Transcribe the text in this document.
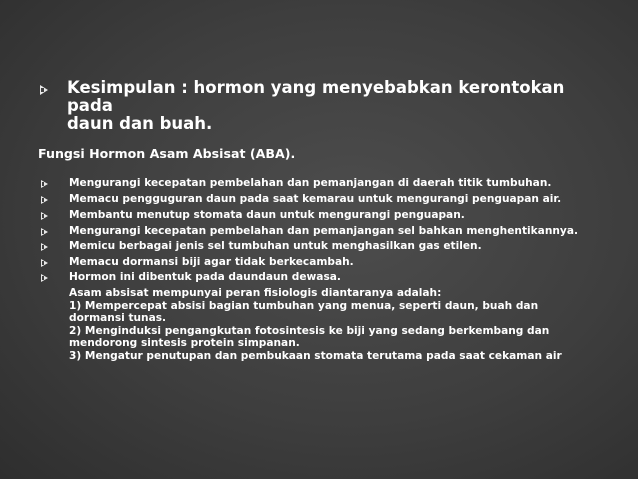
Kesimpulan : hormon yang menyebabkan kerontokan pada
daun dan buah.
Fungsi Hormon Asam Absisat (ABA).
Mengurangi kecepatan pembelahan dan pemanjangan di daerah titik tumbuhan.
Memacu pengguguran daun pada saat kemarau untuk mengurangi penguapan air.
Membantu menutup stomata daun untuk mengurangi penguapan.
Mengurangi kecepatan pembelahan dan pemanjangan sel bahkan menghentikannya.
Memicu berbagai jenis sel tumbuhan untuk menghasilkan gas etilen.
Memacu dormansi biji agar tidak berkecambah.
Hormon ini dibentuk pada daundaun dewasa.
Asam absisat mempunyai peran fisiologis diantaranya adalah:
1) Mempercepat absisi bagian tumbuhan yang menua, seperti daun, buah dan
dormansi tunas.
2) Menginduksi pengangkutan fotosintesis ke biji yang sedang berkembang dan
mendorong sintesis protein simpanan.
3) Mengatur penutupan dan pembukaan stomata terutama pada saat cekaman air
